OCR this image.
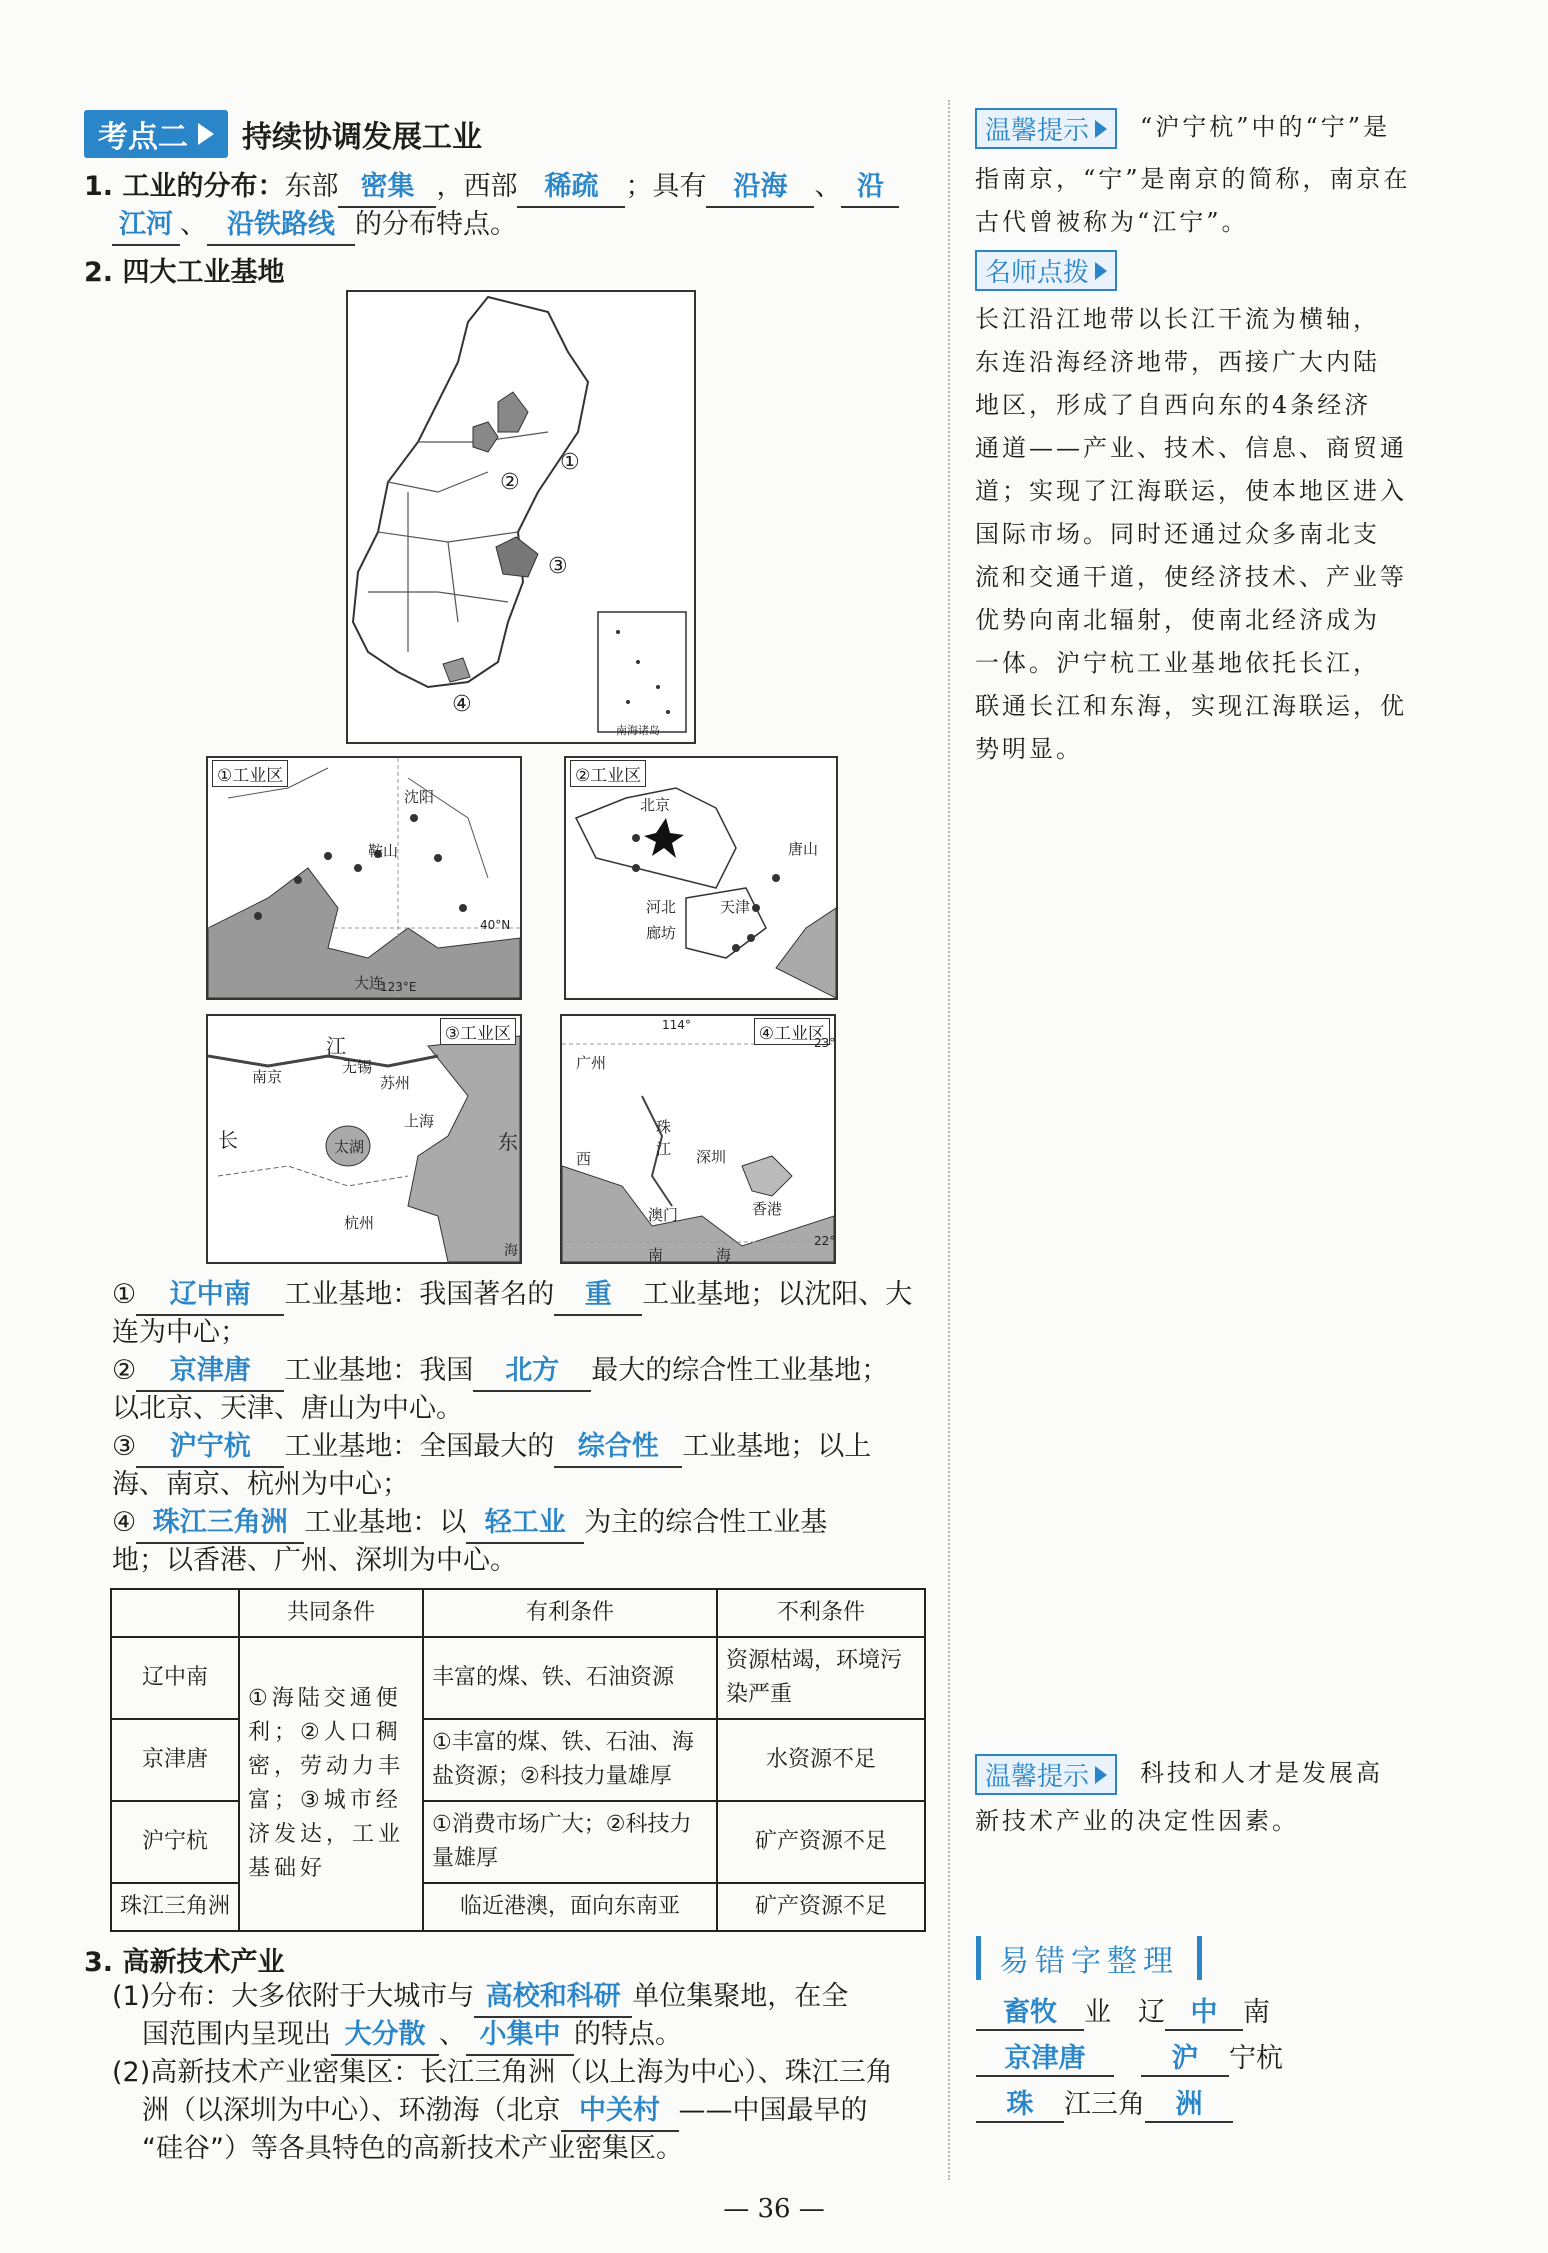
考点二 持续协调发展工业
1. 工业的分布：东部 密集 ，西部 稀疏 ；具有 沿海 、 沿
江河 、 沿铁路线 的分布特点。
2. 四大工业基地
①
②
③
④
南海诸岛
①工业区
沈阳
鞍山
大连
40°N
123°E
②工业区
北京
唐山
河北	天津
廊坊
③工业区
江
长
南京
无锡
苏州
上海
太湖	东
海
杭州
④工业区
114°
23°
22°
广州
珠
江
西	深圳
香港
澳门
南	海
① 辽中南 工业基地：我国著名的 重 工业基地；以沈阳、大
连为中心；
② 京津唐 工业基地：我国 北方 最大的综合性工业基地；
以北京、天津、唐山为中心。
③ 沪宁杭 工业基地：全国最大的 综合性 工业基地；以上
海、南京、杭州为中心；
④ 珠江三角洲 工业基地：以 轻工业 为主的综合性工业基
地；以香港、广州、深圳为中心。
	共同条件	有利条件	不利条件
辽中南	①海陆交通便利；②人口稠密，劳动力丰富；③城市经济发达，工业基础好	丰富的煤、铁、石油资源	资源枯竭，环境污染严重
京津唐		①丰富的煤、铁、石油、海盐资源；②科技力量雄厚	水资源不足
沪宁杭		①消费市场广大；②科技力量雄厚	矿产资源不足
珠江三角洲		临近港澳，面向东南亚	矿产资源不足
3. 高新技术产业
(1)分布：大多依附于大城市与 高校和科研 单位集聚地，在全
国范围内呈现出 大分散 、 小集中 的特点。
(2)高新技术产业密集区：长江三角洲（以上海为中心）、珠江三角
洲（以深圳为中心）、环渤海（北京 中关村 ——中国最早的
“硅谷”）等各具特色的高新技术产业密集区。
温馨提示 “沪宁杭”中的“宁”是
指南京，“宁”是南京的简称，南京在
古代曾被称为“江宁”。
名师点拨
长江沿江地带以长江干流为横轴，
东连沿海经济地带，西接广大内陆
地区，形成了自西向东的4条经济
通道——产业、技术、信息、商贸通
道；实现了江海联运，使本地区进入
国际市场。同时还通过众多南北支
流和交通干道，使经济技术、产业等
优势向南北辐射，使南北经济成为
一体。沪宁杭工业基地依托长江，
联通长江和东海，实现江海联运，优
势明显。
温馨提示 科技和人才是发展高
新技术产业的决定性因素。
易错字整理
畜牧 业　辽 中 南
京津唐　	沪 宁杭
珠 江三角 洲
— 36 —
